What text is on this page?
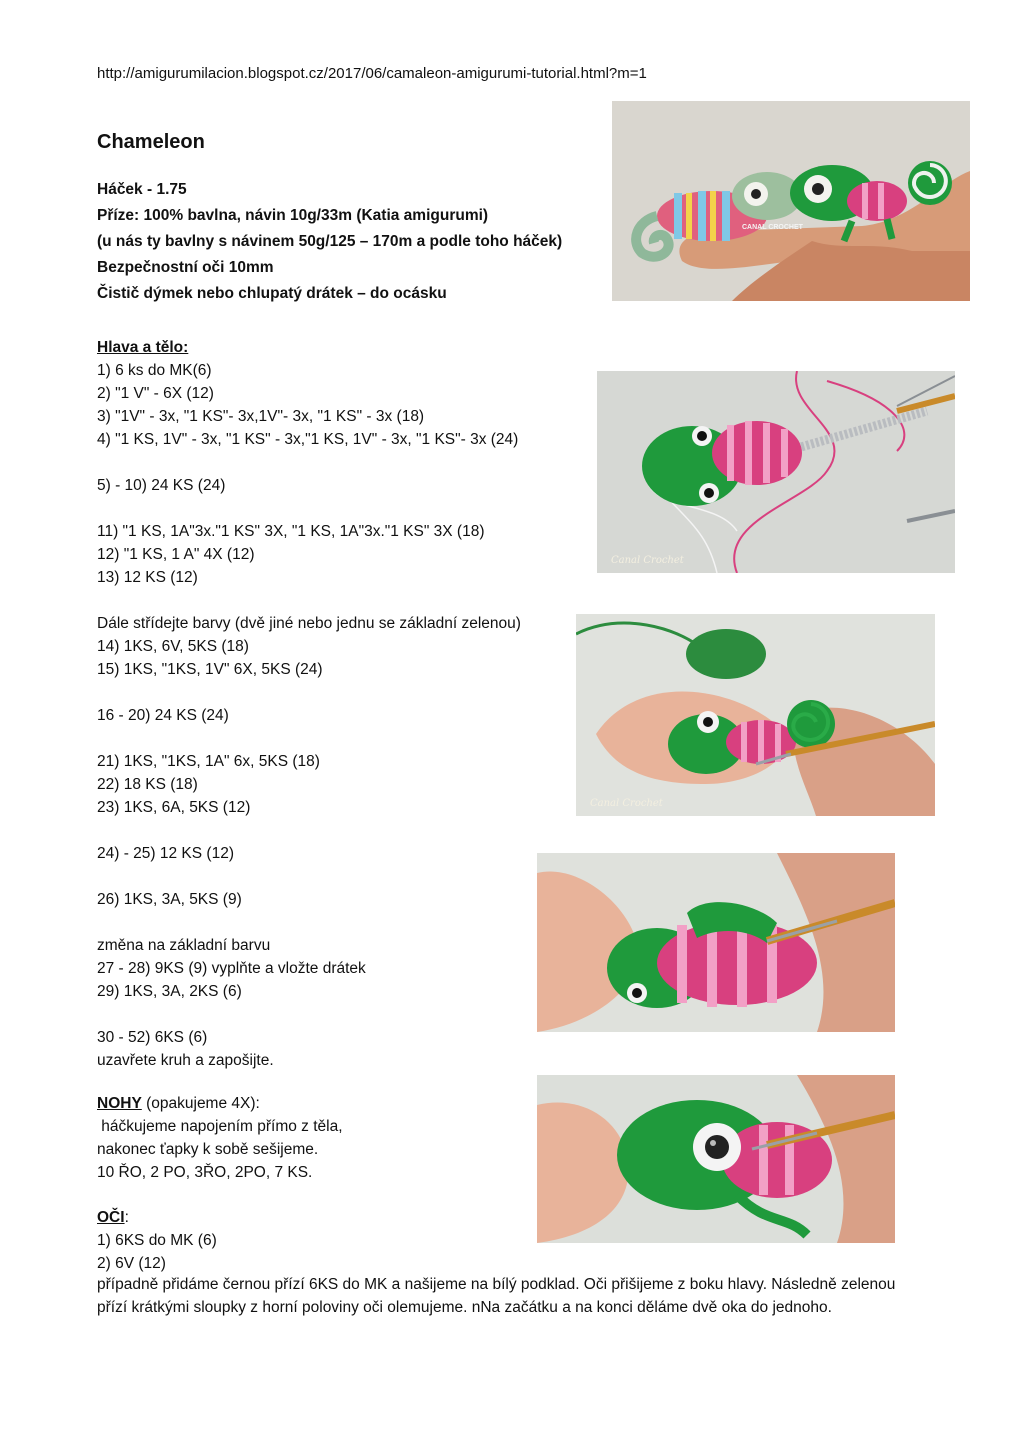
http://amigurumilacion.blogspot.cz/2017/06/camaleon-amigurumi-tutorial.html?m=1
Chameleon
Háček - 1.75
Příze: 100% bavlna, návin 10g/33m (Katia amigurumi)
(u nás ty bavlny s návinem 50g/125 – 170m a podle toho háček)
Bezpečnostní oči 10mm
Čistič dýmek nebo chlupatý drátek – do ocásku
Hlava a tělo:
1) 6 ks do MK(6)
2) "1 V" - 6X (12)
3) "1V" - 3x, "1 KS"- 3x,1V"- 3x, "1 KS" - 3x (18)
4) "1 KS, 1V" - 3x, "1 KS" - 3x,"1 KS, 1V" - 3x, "1 KS"- 3x (24)
5) - 10) 24 KS (24)
11) "1 KS, 1A"3x."1 KS" 3X, "1 KS, 1A"3x."1 KS" 3X (18)
12) "1 KS, 1 A" 4X (12)
13) 12 KS (12)
Dále střídejte barvy (dvě jiné nebo jednu se základní zelenou)
14) 1KS, 6V, 5KS (18)
15) 1KS, "1KS, 1V" 6X, 5KS (24)
16 - 20) 24 KS (24)
21) 1KS, "1KS, 1A" 6x, 5KS (18)
22) 18 KS (18)
23) 1KS, 6A, 5KS (12)
24) - 25) 12 KS (12)
26) 1KS, 3A, 5KS (9)
změna na základní barvu
27 - 28) 9KS (9) vyplňte a vložte drátek
29) 1KS, 3A, 2KS (6)
30 - 52) 6KS (6)
uzavřete kruh a zapošijte.
NOHY (opakujeme 4X):
háčkujeme napojením přímo z těla,
nakonec ťapky k sobě sešijeme.
10 ŘO, 2 PO, 3ŘO, 2PO, 7 KS.
OČI:
1) 6KS do MK (6)
2) 6V (12)
případně přidáme černou přízí 6KS do MK a našijeme na bílý podklad. Oči přišijeme z boku hlavy. Následně zelenou přízí krátkými sloupky z horní poloviny oči olemujeme. nNa začátku a na konci děláme dvě oka do jednoho.
CANAL CROCHET
Canal Crochet
Canal Crochet
